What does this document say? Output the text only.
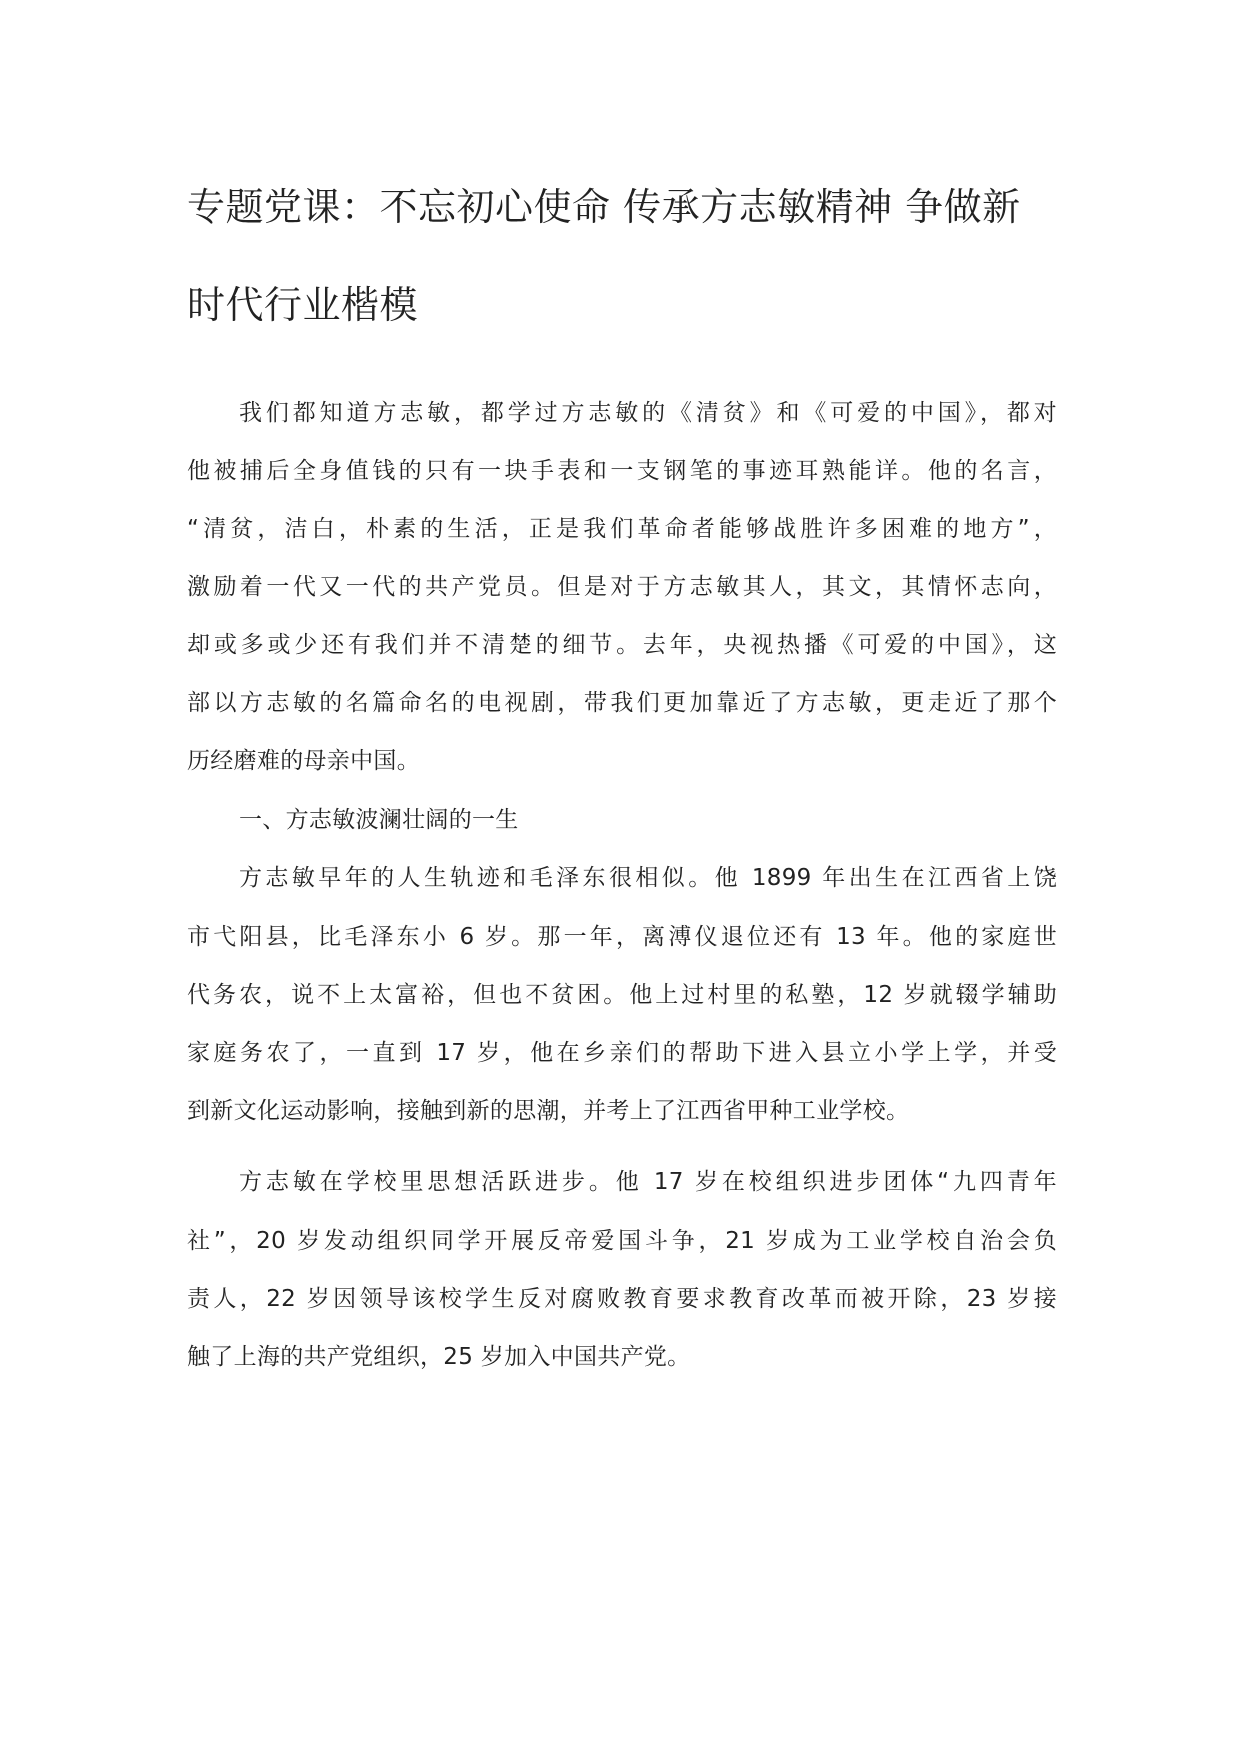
专题党课：不忘初心使命 传承方志敏精神 争做新
时代行业楷模
我们都知道方志敏，都学过方志敏的《清贫》和《可爱的中国》，都对
他被捕后全身值钱的只有一块手表和一支钢笔的事迹耳熟能详。他的名言，
“清贫，洁白，朴素的生活，正是我们革命者能够战胜许多困难的地方”，
激励着一代又一代的共产党员。但是对于方志敏其人，其文，其情怀志向，
却或多或少还有我们并不清楚的细节。去年，央视热播《可爱的中国》，这
部以方志敏的名篇命名的电视剧，带我们更加靠近了方志敏，更走近了那个
历经磨难的母亲中国。
一、方志敏波澜壮阔的一生
方志敏早年的人生轨迹和毛泽东很相似。他 1899 年出生在江西省上饶
市弋阳县，比毛泽东小 6 岁。那一年，离溥仪退位还有 13 年。他的家庭世
代务农，说不上太富裕，但也不贫困。他上过村里的私塾，12 岁就辍学辅助
家庭务农了，一直到 17 岁，他在乡亲们的帮助下进入县立小学上学，并受
到新文化运动影响，接触到新的思潮，并考上了江西省甲种工业学校。
方志敏在学校里思想活跃进步。他 17 岁在校组织进步团体“九四青年
社”，20 岁发动组织同学开展反帝爱国斗争，21 岁成为工业学校自治会负
责人，22 岁因领导该校学生反对腐败教育要求教育改革而被开除，23 岁接
触了上海的共产党组织，25 岁加入中国共产党。
